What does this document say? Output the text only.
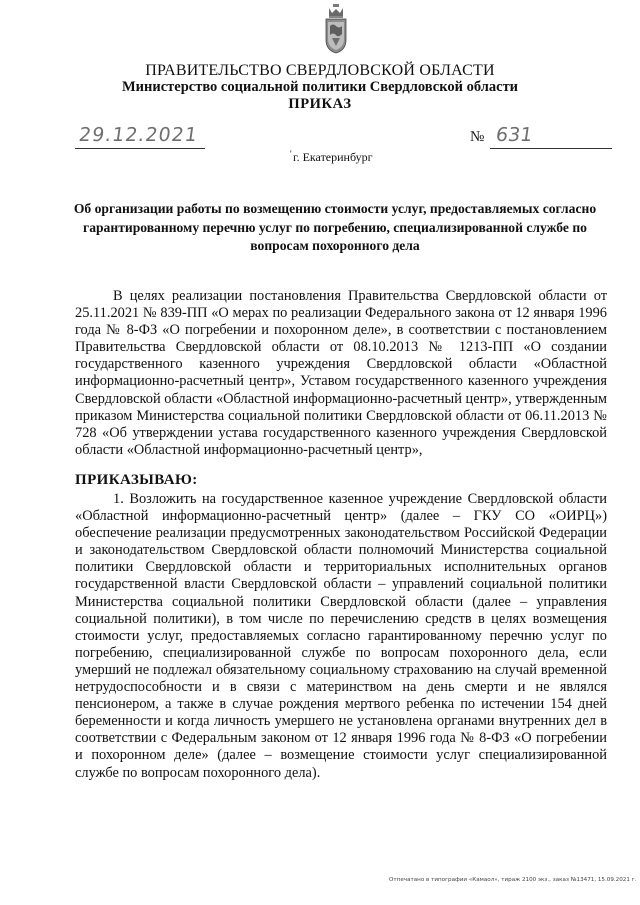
ПРАВИТЕЛЬСТВО СВЕРДЛОВСКОЙ ОБЛАСТИ
Министерство социальной политики Свердловской области
ПРИКАЗ
29.12.2021	№ 631
' г. Екатеринбург
Об организации работы по возмещению стоимости услуг, предоставляемых согласно гарантированному перечню услуг по погребению, специализированной службе по вопросам похоронного дела
В целях реализации постановления Правительства Свердловской области от 25.11.2021 № 839-ПП «О мерах по реализации Федерального закона от 12 января 1996 года № 8-ФЗ «О погребении и похоронном деле», в соответствии с постановлением Правительства Свердловской области от 08.10.2013 № 1213-ПП «О создании государственного казенного учреждения Свердловской области «Областной информационно-расчетный центр», Уставом государственного казенного учреждения Свердловской области «Областной информационно-расчетный центр», утвержденным приказом Министерства социальной политики Свердловской области от 06.11.2013 № 728 «Об утверждении устава государственного казенного учреждения Свердловской области «Областной информационно-расчетный центр»,
ПРИКАЗЫВАЮ:
1. Возложить на государственное казенное учреждение Свердловской области «Областной информационно-расчетный центр» (далее – ГКУ СО «ОИРЦ») обеспечение реализации предусмотренных законодательством Российской Федерации и законодательством Свердловской области полномочий Министерства социальной политики Свердловской области и территориальных исполнительных органов государственной власти Свердловской области – управлений социальной политики Министерства социальной политики Свердловской области (далее – управления социальной политики), в том числе по перечислению средств в целях возмещения стоимости услуг, предоставляемых согласно гарантированному перечню услуг по погребению, специализированной службе по вопросам похоронного дела, если умерший не подлежал обязательному социальному страхованию на случай временной нетрудоспособности и в связи с материнством на день смерти и не являлся пенсионером, а также в случае рождения мертвого ребенка по истечении 154 дней беременности и когда личность умершего не установлена органами внутренних дел в соответствии с Федеральным законом от 12 января 1996 года № 8-ФЗ «О погребении и похоронном деле» (далее – возмещение стоимости услуг специализированной службе по вопросам похоронного дела).
Отпечатано в типографии «Камаол», тираж 2100 экз., заказ №13471, 15.09.2021 г.
